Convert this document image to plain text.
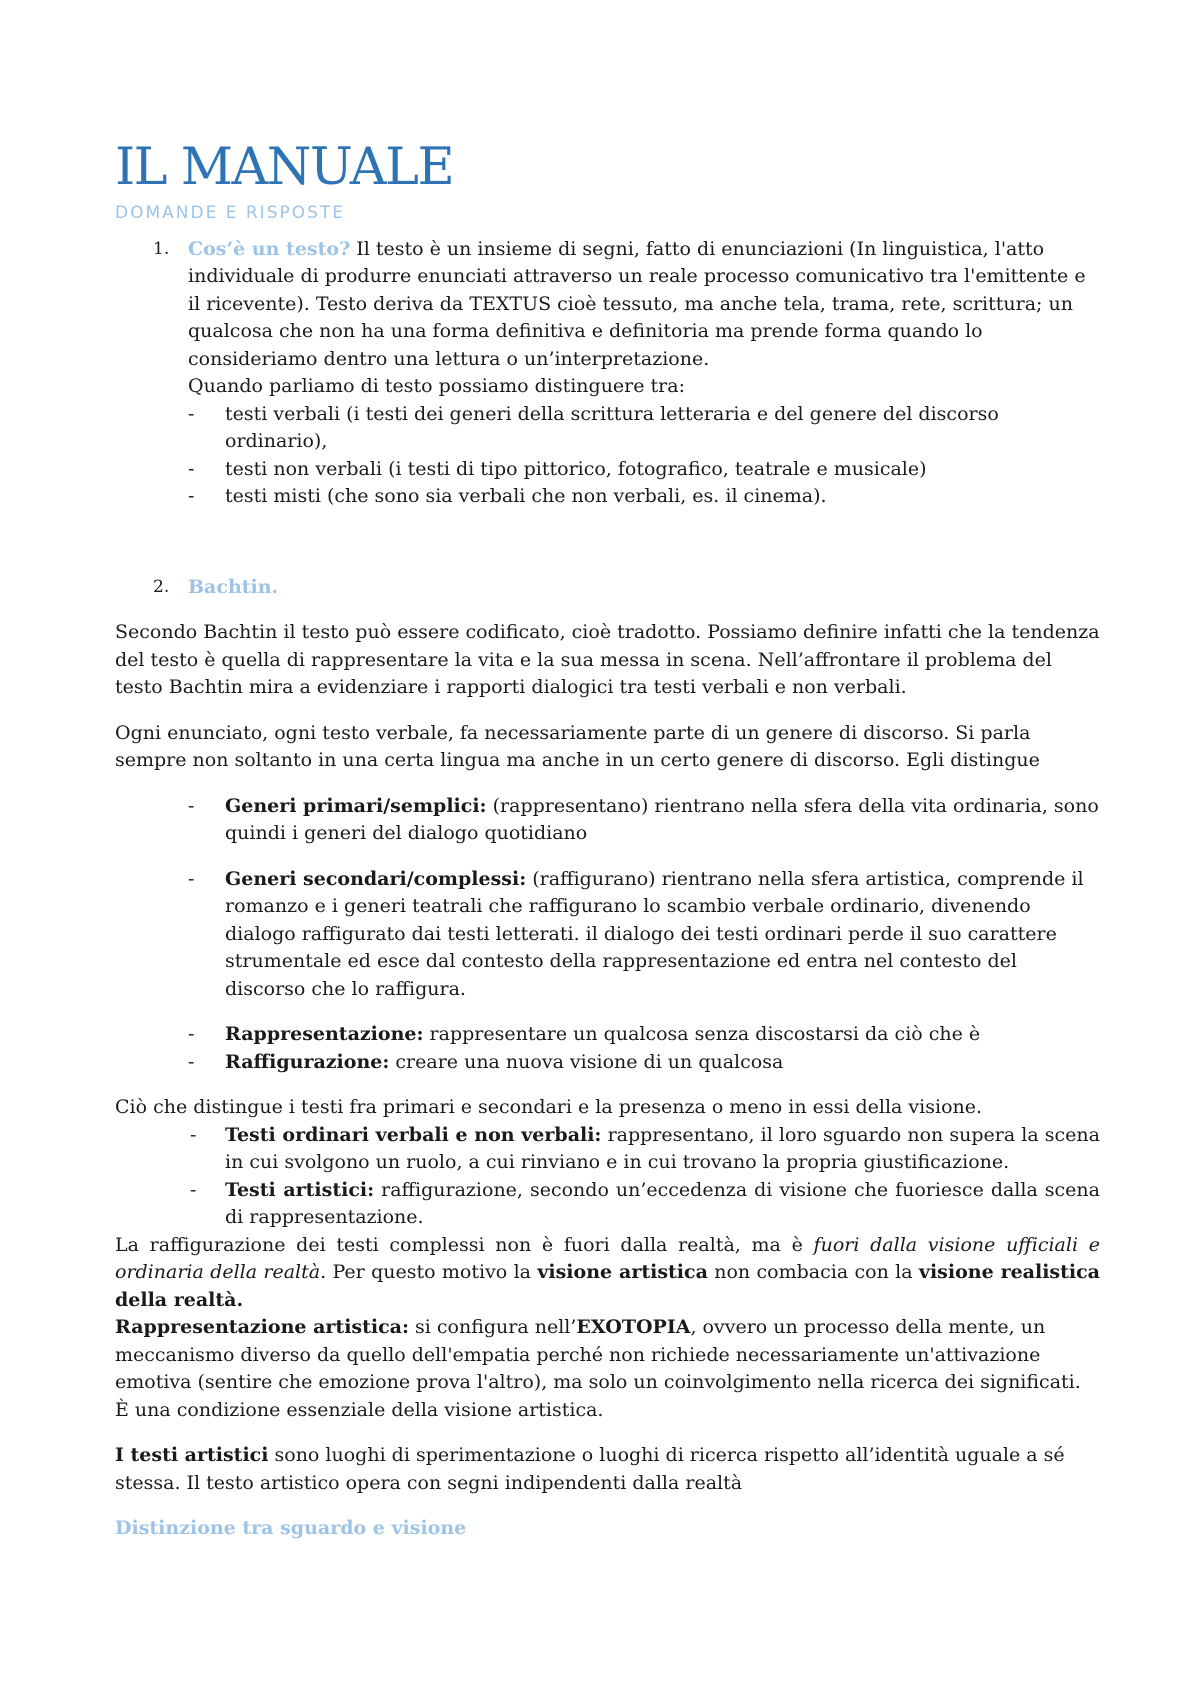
IL MANUALE
DOMANDE E RISPOSTE
1. Cos’è un testo? Il testo è un insieme di segni, fatto di enunciazioni (In linguistica, l'atto individuale di produrre enunciati attraverso un reale processo comunicativo tra l'emittente e il ricevente). Testo deriva da TEXTUS cioè tessuto, ma anche tela, trama, rete, scrittura; un qualcosa che non ha una forma definitiva e definitoria ma prende forma quando lo consideriamo dentro una lettura o un’interpretazione.

Quando parliamo di testo possiamo distinguere tra:

- testi verbali (i testi dei generi della scrittura letteraria e del genere del discorso ordinario),
- testi non verbali (i testi di tipo pittorico, fotografico, teatrale e musicale)
- testi misti (che sono sia verbali che non verbali, es. il cinema).
2. Bachtin.

Secondo Bachtin il testo può essere codificato, cioè tradotto. Possiamo definire infatti che la tendenza del testo è quella di rappresentare la vita e la sua messa in scena. Nell’affrontare il problema del testo Bachtin mira a evidenziare i rapporti dialogici tra testi verbali e non verbali.

Ogni enunciato, ogni testo verbale, fa necessariamente parte di un genere di discorso. Si parla sempre non soltanto in una certa lingua ma anche in un certo genere di discorso. Egli distingue

- Generi primari/semplici: (rappresentano) rientrano nella sfera della vita ordinaria, sono quindi i generi del dialogo quotidiano
- Generi secondari/complessi: (raffigurano) rientrano nella sfera artistica, comprende il romanzo e i generi teatrali che raffigurano lo scambio verbale ordinario, divenendo dialogo raffigurato dai testi letterati. il dialogo dei testi ordinari perde il suo carattere strumentale ed esce dal contesto della rappresentazione ed entra nel contesto del discorso che lo raffigura.
- Rappresentazione: rappresentare un qualcosa senza discostarsi da ciò che è
- Raffigurazione: creare una nuova visione di un qualcosa

Ciò che distingue i testi fra primari e secondari e la presenza o meno in essi della visione.

- Testi ordinari verbali e non verbali: rappresentano, il loro sguardo non supera la scena in cui svolgono un ruolo, a cui rinviano e in cui trovano la propria giustificazione.
- Testi artistici: raffigurazione, secondo un’eccedenza di visione che fuoriesce dalla scena di rappresentazione.

La raffigurazione dei testi complessi non è fuori dalla realtà, ma è fuori dalla visione ufficiali e ordinaria della realtà. Per questo motivo la visione artistica non combacia con la visione realistica della realtà.

Rappresentazione artistica: si configura nell’EXOTOPIA, ovvero un processo della mente, un meccanismo diverso da quello dell'empatia perché non richiede necessariamente un'attivazione emotiva (sentire che emozione prova l'altro), ma solo un coinvolgimento nella ricerca dei significati. È una condizione essenziale della visione artistica.

I testi artistici sono luoghi di sperimentazione o luoghi di ricerca rispetto all’identità uguale a sé stessa. Il testo artistico opera con segni indipendenti dalla realtà

Distinzione tra sguardo e visione
